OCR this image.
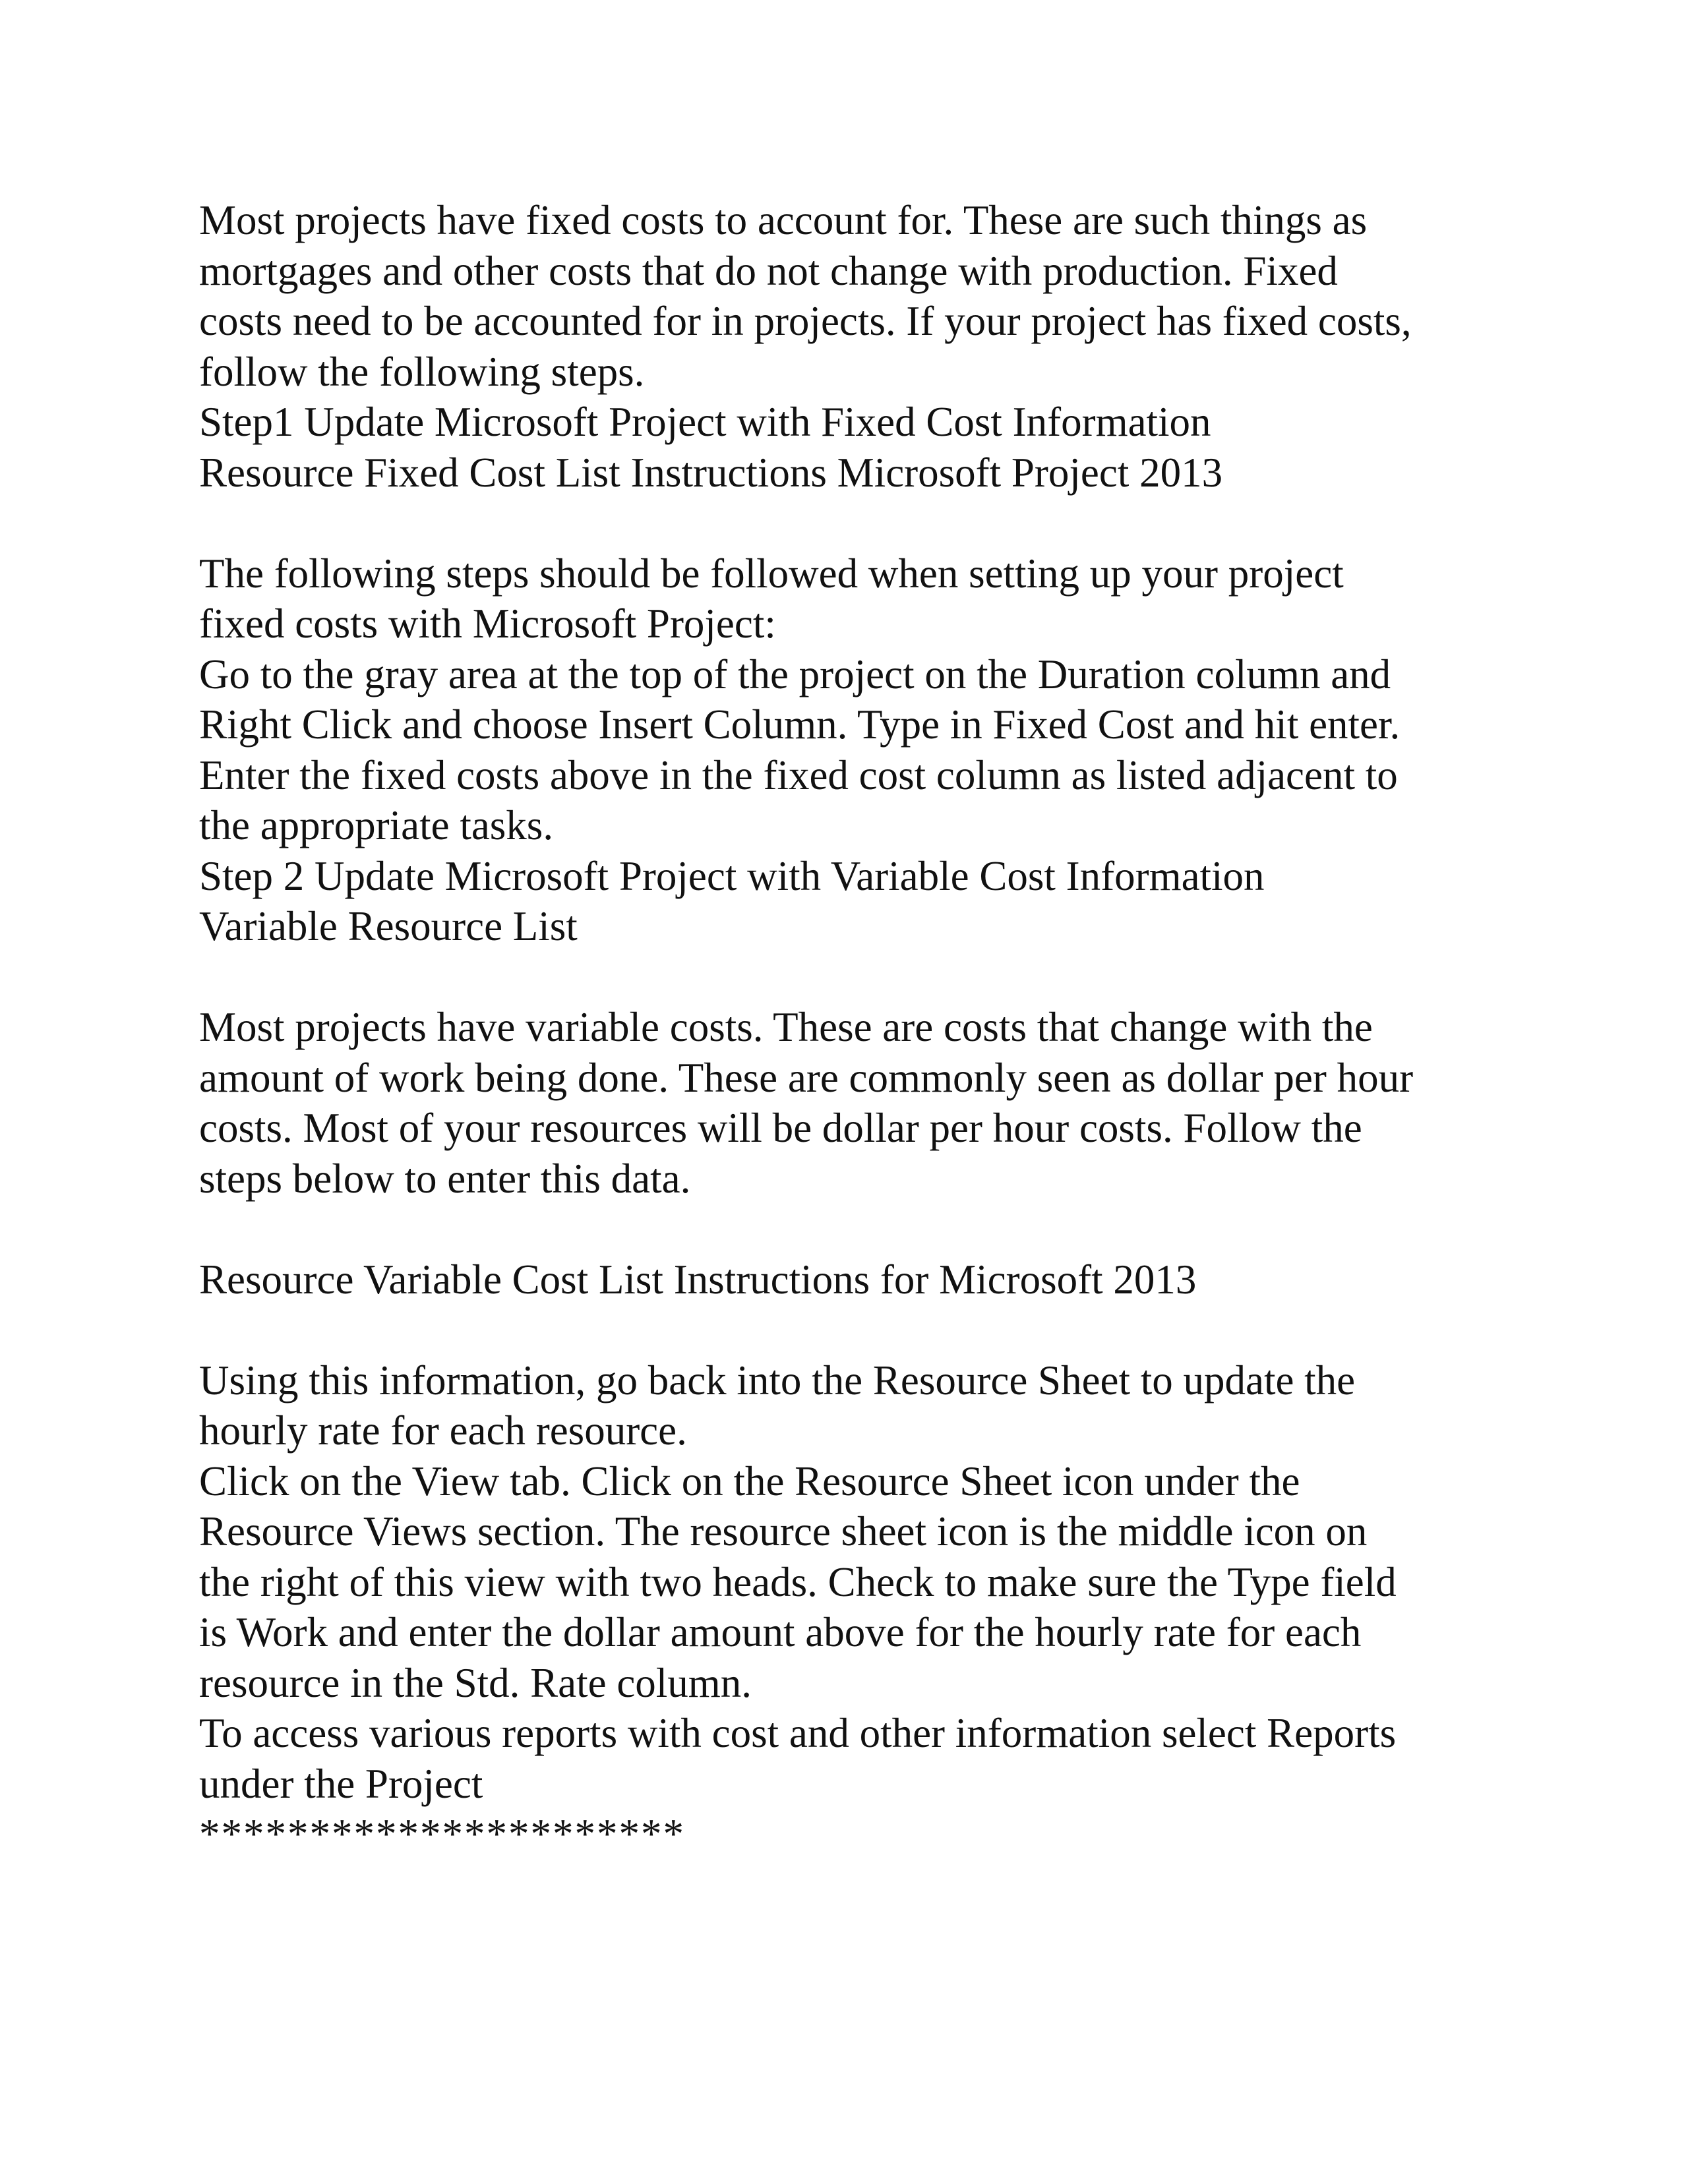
Most projects have fixed costs to account for. These are such things as
mortgages and other costs that do not change with production. Fixed
costs need to be accounted for in projects. If your project has fixed costs,
follow the following steps.
Step1 Update Microsoft Project with Fixed Cost Information
Resource Fixed Cost List Instructions Microsoft Project 2013
The following steps should be followed when setting up your project
fixed costs with Microsoft Project:
Go to the gray area at the top of the project on the Duration column and
Right Click and choose Insert Column. Type in Fixed Cost and hit enter.
Enter the fixed costs above in the fixed cost column as listed adjacent to
the appropriate tasks.
Step 2 Update Microsoft Project with Variable Cost Information
Variable Resource List
Most projects have variable costs. These are costs that change with the
amount of work being done. These are commonly seen as dollar per hour
costs. Most of your resources will be dollar per hour costs. Follow the
steps below to enter this data.
Resource Variable Cost List Instructions for Microsoft 2013
Using this information, go back into the Resource Sheet to update the
hourly rate for each resource.
Click on the View tab. Click on the Resource Sheet icon under the
Resource Views section. The resource sheet icon is the middle icon on
the right of this view with two heads. Check to make sure the Type field
is Work and enter the dollar amount above for the hourly rate for each
resource in the Std. Rate column.
To access various reports with cost and other information select Reports
under the Project
**********************
